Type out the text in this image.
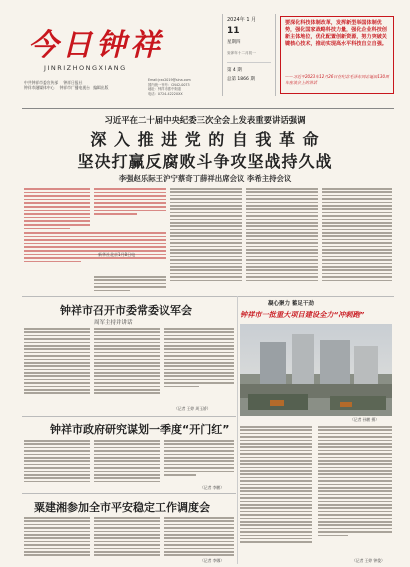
今日钟祥
JINRIZHONGXIANG
中共钟祥市委宣传部 钟祥日报社
钟祥市融媒体中心 钟祥市广播电视台 编辑出版
Email:jrzx2019@sina.com
国内统一刊号：CN42-0073
地址：钟祥市郢中街道
电话：0724-4222XXX
2024年 1 月
11
星期四
癸卯年十二月初一
第 4 期
总第 1866 期
要深化科技体制改革，发挥新型举国体制优势，强化国家战略科技力量，强化企业科技创新主体地位，优化配置创新资源，努力突破关键核心技术，推动实现高水平科技自立自强。
——习近平2023年12月26日在纪念毛泽东同志诞辰130周年座谈会上的讲话
习近平在二十届中央纪委三次全会上发表重要讲话强调
深 入 推 进 党 的 自 我 革 命
坚决打赢反腐败斗争攻坚战持久战
李强赵乐际王沪宁蔡奇丁薛祥出席会议 李希主持会议
新华社北京1月8日电
钟祥市召开市委常委议军会
周军主持并讲话
（记者 王婷 周玉娇）
凝心聚力 蓄足干劲
钟祥市一批重大项目建设全力“冲刺跑”
（记者 孙鹏 摄）
钟祥市政府研究谋划一季度“开门红”
（记者 李鹏）
粟建湘参加全市平安稳定工作调度会
（记者 李娜）	（记者 王婷 钟俊）
